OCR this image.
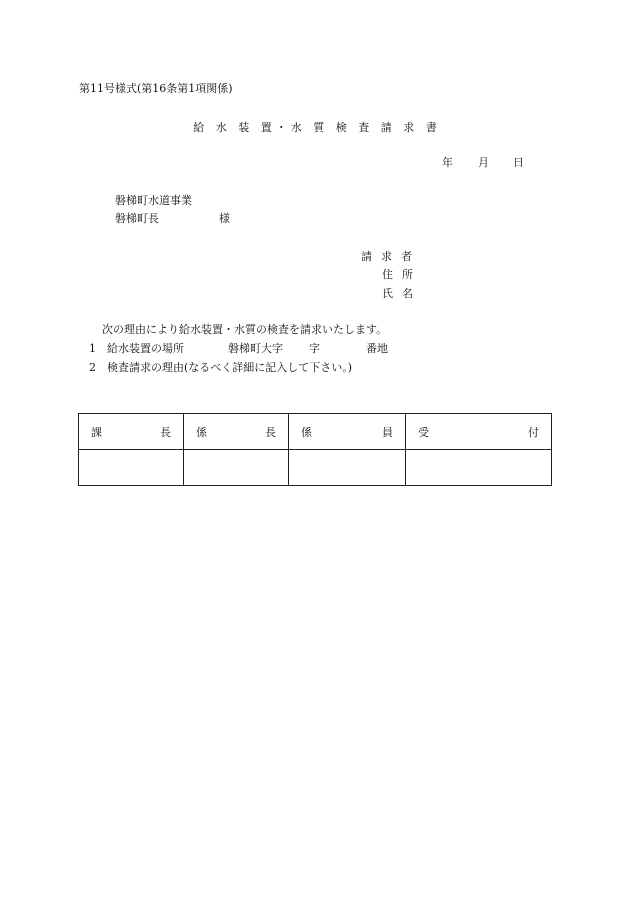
第11号様式(第16条第1項関係)
給 水 装 置・水 質 検 査 請 求 書
年 月 日
磐梯町水道事業
磐梯町長	様
請求者
住所
氏名
次の理由により給水装置・水質の検査を請求いたします。
1 給水装置の場所	磐梯町大字 字	番地
2 検査請求の理由(なるべく詳細に記入して下さい。)
課 長	係 長	係 員	受 付
